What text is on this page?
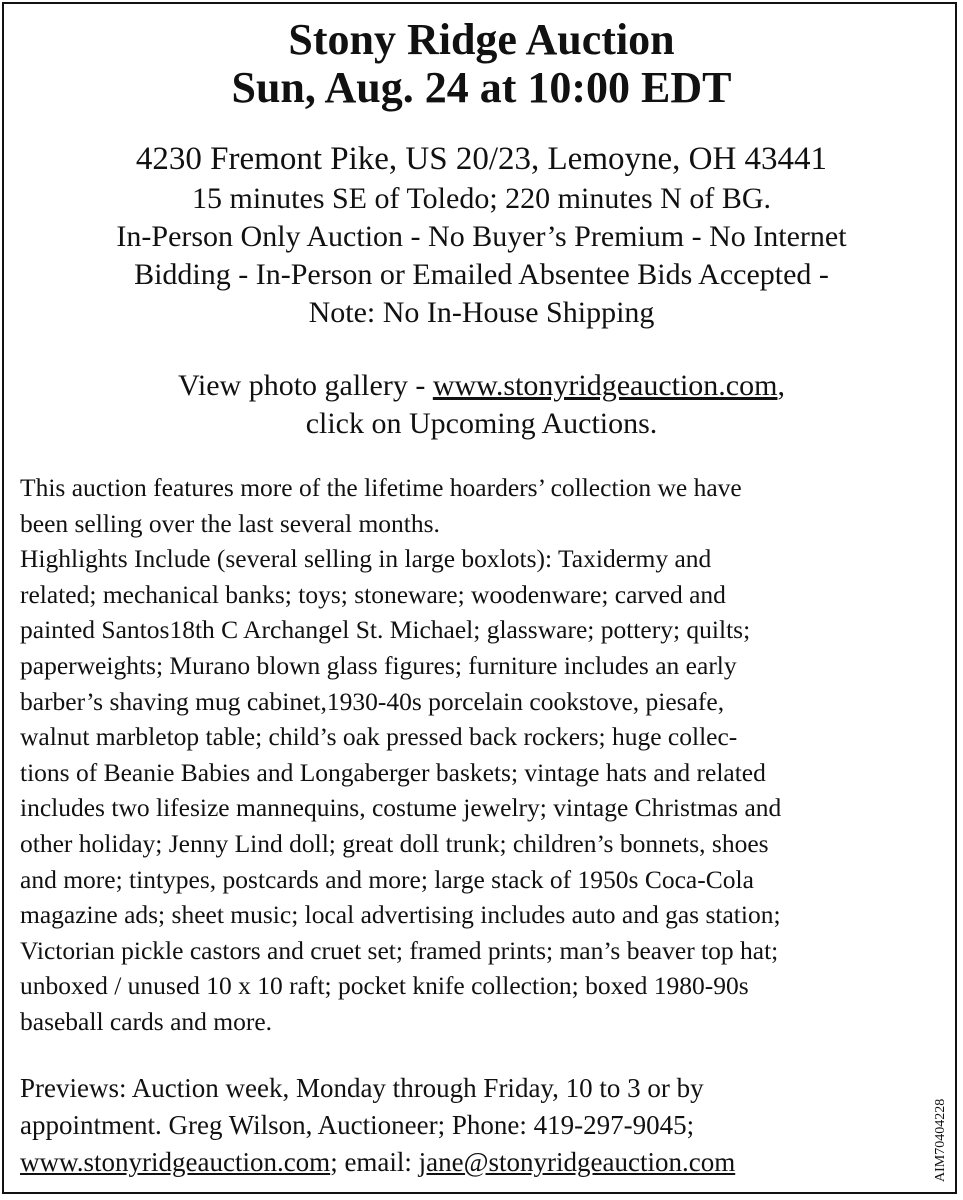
Stony Ridge Auction
Sun, Aug. 24 at 10:00 EDT
4230 Fremont Pike, US 20/23, Lemoyne, OH 43441
15 minutes SE of Toledo; 220 minutes N of BG.
In-Person Only Auction - No Buyer’s Premium - No Internet
Bidding - In-Person or Emailed Absentee Bids Accepted -
Note: No In-House Shipping
View photo gallery - www.stonyridgeauction.com,
click on Upcoming Auctions.
This auction features more of the lifetime hoarders’ collection we have
been selling over the last several months.
Highlights Include (several selling in large boxlots): Taxidermy and
related; mechanical banks; toys; stoneware; woodenware; carved and
painted Santos18th C Archangel St. Michael; glassware; pottery; quilts;
paperweights; Murano blown glass figures; furniture includes an early
barber’s shaving mug cabinet,1930-40s porcelain cookstove, piesafe,
walnut marbletop table; child’s oak pressed back rockers; huge collec-
tions of Beanie Babies and Longaberger baskets; vintage hats and related
includes two lifesize mannequins, costume jewelry; vintage Christmas and
other holiday; Jenny Lind doll; great doll trunk; children’s bonnets, shoes
and more; tintypes, postcards and more; large stack of 1950s Coca-Cola
magazine ads; sheet music; local advertising includes auto and gas station;
Victorian pickle castors and cruet set; framed prints; man’s beaver top hat;
unboxed / unused 10 x 10 raft; pocket knife collection; boxed 1980-90s
baseball cards and more.
Previews: Auction week, Monday through Friday, 10 to 3 or by
appointment. Greg Wilson, Auctioneer; Phone: 419-297-9045;
www.stonyridgeauction.com; email: jane@stonyridgeauction.com	AIM70404228
